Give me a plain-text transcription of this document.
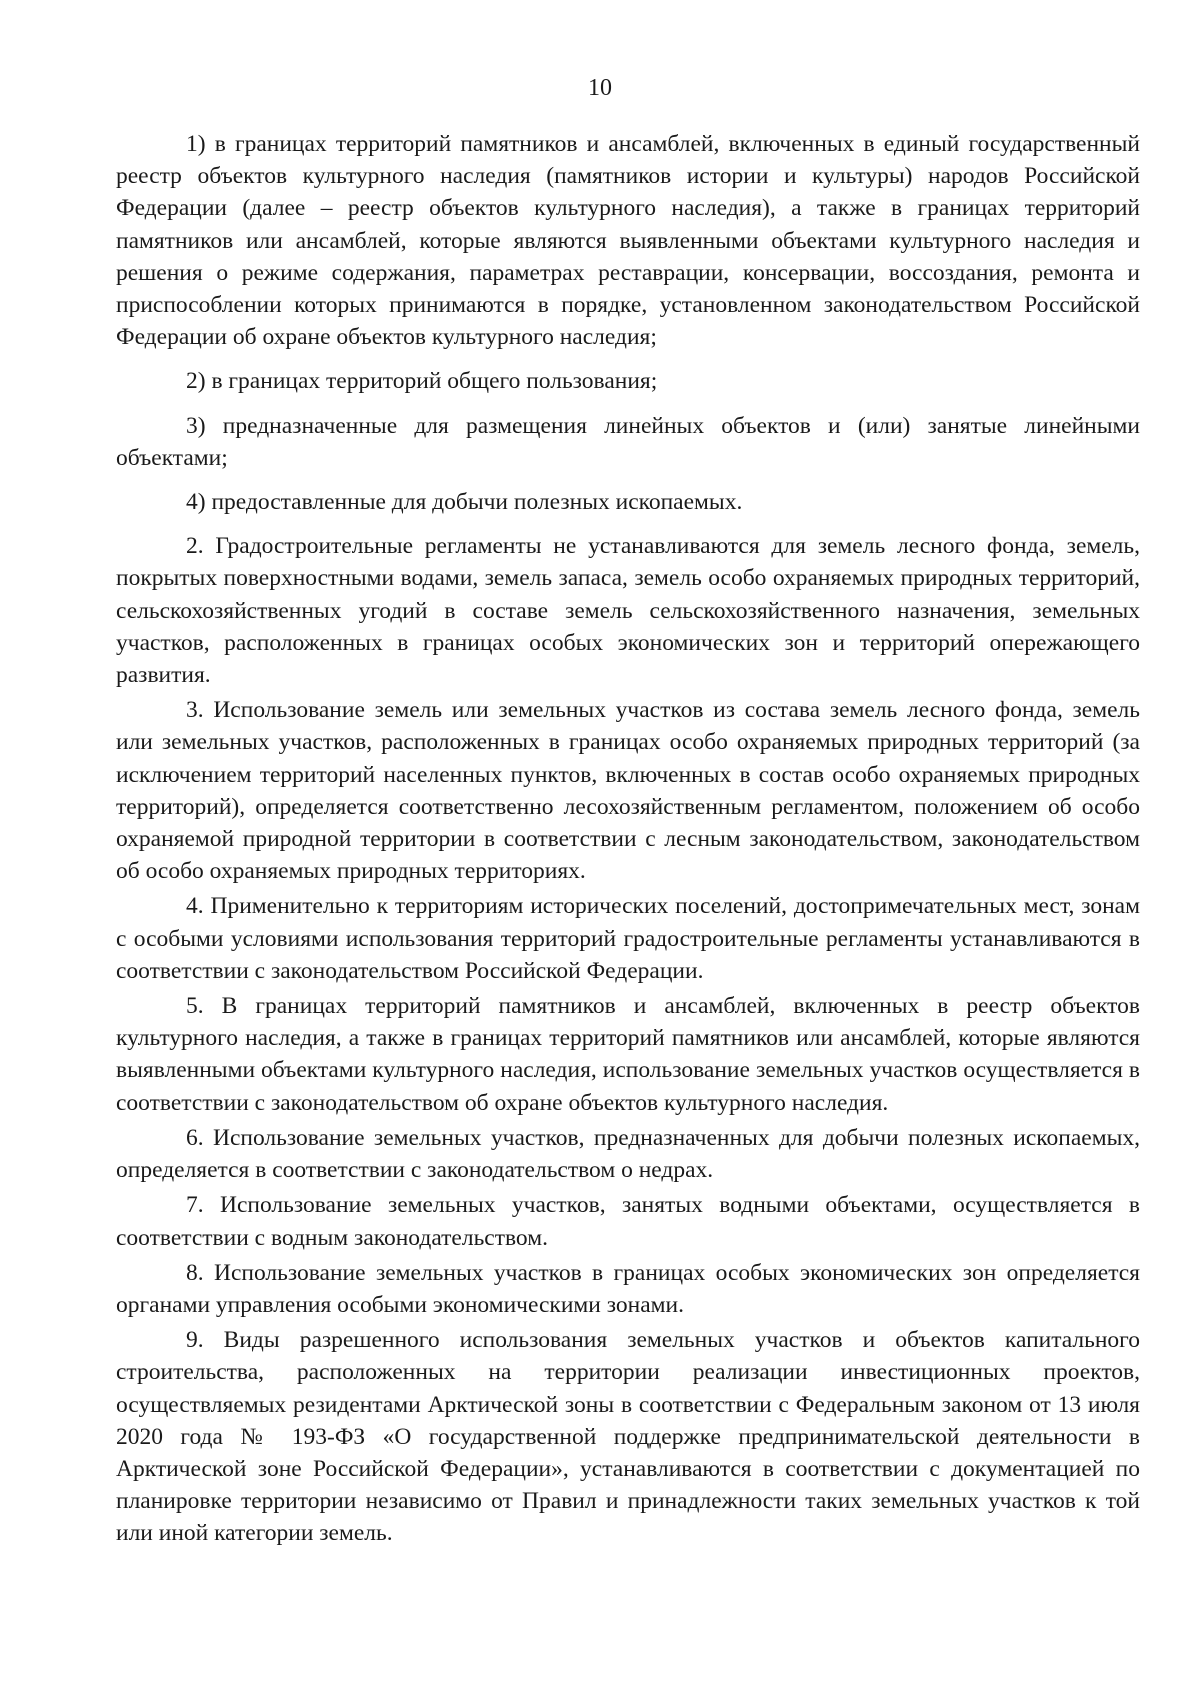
10

1) в границах территорий памятников и ансамблей, включенных в единый государственный реестр объектов культурного наследия (памятников истории и культуры) народов Российской Федерации (далее – реестр объектов культурного наследия), а также в границах территорий памятников или ансамблей, которые являются выявленными объектами культурного наследия и решения о режиме содержания, параметрах реставрации, консервации, воссоздания, ремонта и приспособлении которых принимаются в порядке, установленном законодательством Российской Федерации об охране объектов культурного наследия;

2) в границах территорий общего пользования;

3) предназначенные для размещения линейных объектов и (или) занятые линейными объектами;

4) предоставленные для добычи полезных ископаемых.

2. Градостроительные регламенты не устанавливаются для земель лесного фонда, земель, покрытых поверхностными водами, земель запаса, земель особо охраняемых природных территорий, сельскохозяйственных угодий в составе земель сельскохозяйственного назначения, земельных участков, расположенных в границах особых экономических зон и территорий опережающего развития.

3. Использование земель или земельных участков из состава земель лесного фонда, земель или земельных участков, расположенных в границах особо охраняемых природных территорий (за исключением территорий населенных пунктов, включенных в состав особо охраняемых природных территорий), определяется соответственно лесохозяйственным регламентом, положением об особо охраняемой природной территории в соответствии с лесным законодательством, законодательством об особо охраняемых природных территориях.

4. Применительно к территориям исторических поселений, достопримечательных мест, зонам с особыми условиями использования территорий градостроительные регламенты устанавливаются в соответствии с законодательством Российской Федерации.

5. В границах территорий памятников и ансамблей, включенных в реестр объектов культурного наследия, а также в границах территорий памятников или ансамблей, которые являются выявленными объектами культурного наследия, использование земельных участков осуществляется в соответствии с законодательством об охране объектов культурного наследия.

6. Использование земельных участков, предназначенных для добычи полезных ископаемых, определяется в соответствии с законодательством о недрах.

7. Использование земельных участков, занятых водными объектами, осуществляется в соответствии с водным законодательством.

8. Использование земельных участков в границах особых экономических зон определяется органами управления особыми экономическими зонами.

9. Виды разрешенного использования земельных участков и объектов капитального строительства, расположенных на территории реализации инвестиционных проектов, осуществляемых резидентами Арктической зоны в соответствии с Федеральным законом от 13 июля 2020 года № 193-ФЗ «О государственной поддержке предпринимательской деятельности в Арктической зоне Российской Федерации», устанавливаются в соответствии с документацией по планировке территории независимо от Правил и принадлежности таких земельных участков к той или иной категории земель.
